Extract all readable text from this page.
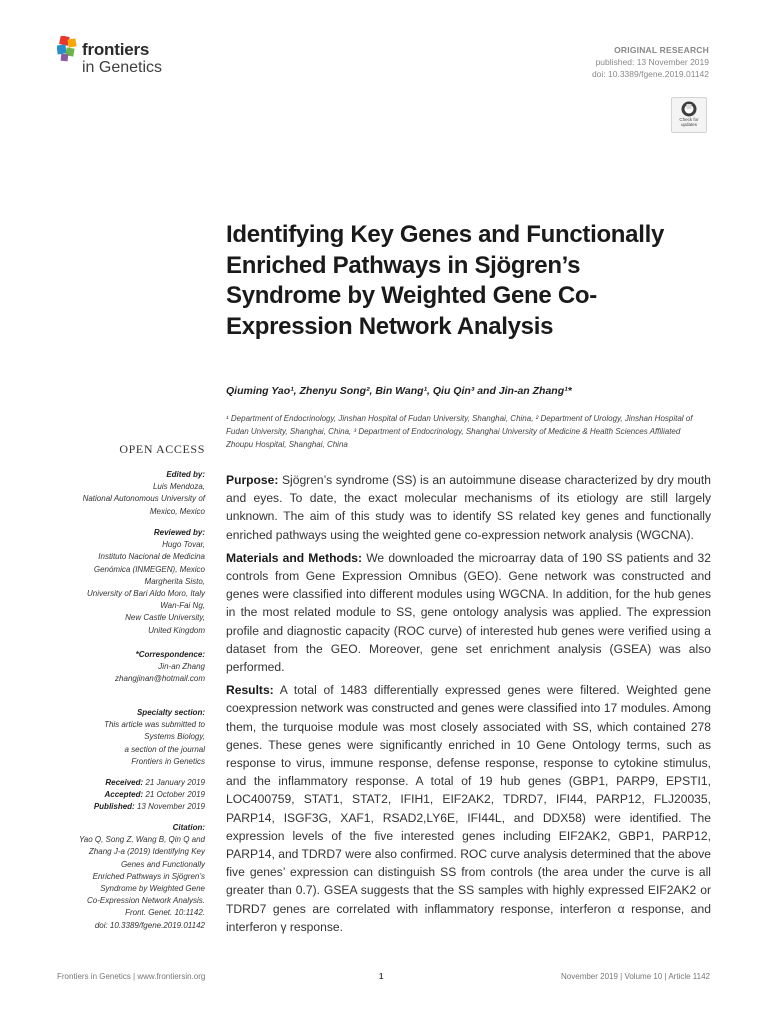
frontiers
in Genetics
ORIGINAL RESEARCH
published: 13 November 2019
doi: 10.3389/fgene.2019.01142
Check for
updates
Identifying Key Genes and Functionally Enriched Pathways in Sjögren’s Syndrome by Weighted Gene Co-Expression Network Analysis
Qiuming Yao¹, Zhenyu Song², Bin Wang¹, Qiu Qin³ and Jin-an Zhang¹*
¹ Department of Endocrinology, Jinshan Hospital of Fudan University, Shanghai, China, ² Department of Urology, Jinshan Hospital of Fudan University, Shanghai, China, ³ Department of Endocrinology, Shanghai University of Medicine & Health Sciences Affiliated Zhoupu Hospital, Shanghai, China
OPEN ACCESS
Edited by:
Luis Mendoza,
National Autonomous University of
Mexico, Mexico
Reviewed by:
Hugo Tovar,
Instituto Nacional de Medicina
Genómica (INMEGEN), Mexico
Margherita Sisto,
University of Bari Aldo Moro, Italy
Wan-Fai Ng,
New Castle University,
United Kingdom
*Correspondence:
Jin-an Zhang
zhangjinan@hotmail.com
Specialty section:
This article was submitted to
Systems Biology,
a section of the journal
Frontiers in Genetics
Received: 21 January 2019
Accepted: 21 October 2019
Published: 13 November 2019
Citation:
Yao Q, Song Z, Wang B, Qin Q and
Zhang J-a (2019) Identifying Key
Genes and Functionally
Enriched Pathways in Sjögren’s
Syndrome by Weighted Gene
Co-Expression Network Analysis.
Front. Genet. 10:1142.
doi: 10.3389/fgene.2019.01142

Purpose: Sjögren’s syndrome (SS) is an autoimmune disease characterized by dry mouth and eyes. To date, the exact molecular mechanisms of its etiology are still largely unknown. The aim of this study was to identify SS related key genes and functionally enriched pathways using the weighted gene co-expression network analysis (WGCNA).

Materials and Methods: We downloaded the microarray data of 190 SS patients and 32 controls from Gene Expression Omnibus (GEO). Gene network was constructed and genes were classified into different modules using WGCNA. In addition, for the hub genes in the most related module to SS, gene ontology analysis was applied. The expression profile and diagnostic capacity (ROC curve) of interested hub genes were verified using a dataset from the GEO. Moreover, gene set enrichment analysis (GSEA) was also performed.

Results: A total of 1483 differentially expressed genes were filtered. Weighted gene coexpression network was constructed and genes were classified into 17 modules. Among them, the turquoise module was most closely associated with SS, which contained 278 genes. These genes were significantly enriched in 10 Gene Ontology terms, such as response to virus, immune response, defense response, response to cytokine stimulus, and the inflammatory response. A total of 19 hub genes (GBP1, PARP9, EPSTI1, LOC400759, STAT1, STAT2, IFIH1, EIF2AK2, TDRD7, IFI44, PARP12, FLJ20035, PARP14, ISGF3G, XAF1, RSAD2,LY6E, IFI44L, and DDX58) were identified. The expression levels of the five interested genes including EIF2AK2, GBP1, PARP12, PARP14, and TDRD7 were also confirmed. ROC curve analysis determined that the above five genes’ expression can distinguish SS from controls (the area under the curve is all greater than 0.7). GSEA suggests that the SS samples with highly expressed EIF2AK2 or TDRD7 genes are correlated with inflammatory response, interferon α response, and interferon γ response.

Frontiers in Genetics | www.frontiersin.org	1	November 2019 | Volume 10 | Article 1142
